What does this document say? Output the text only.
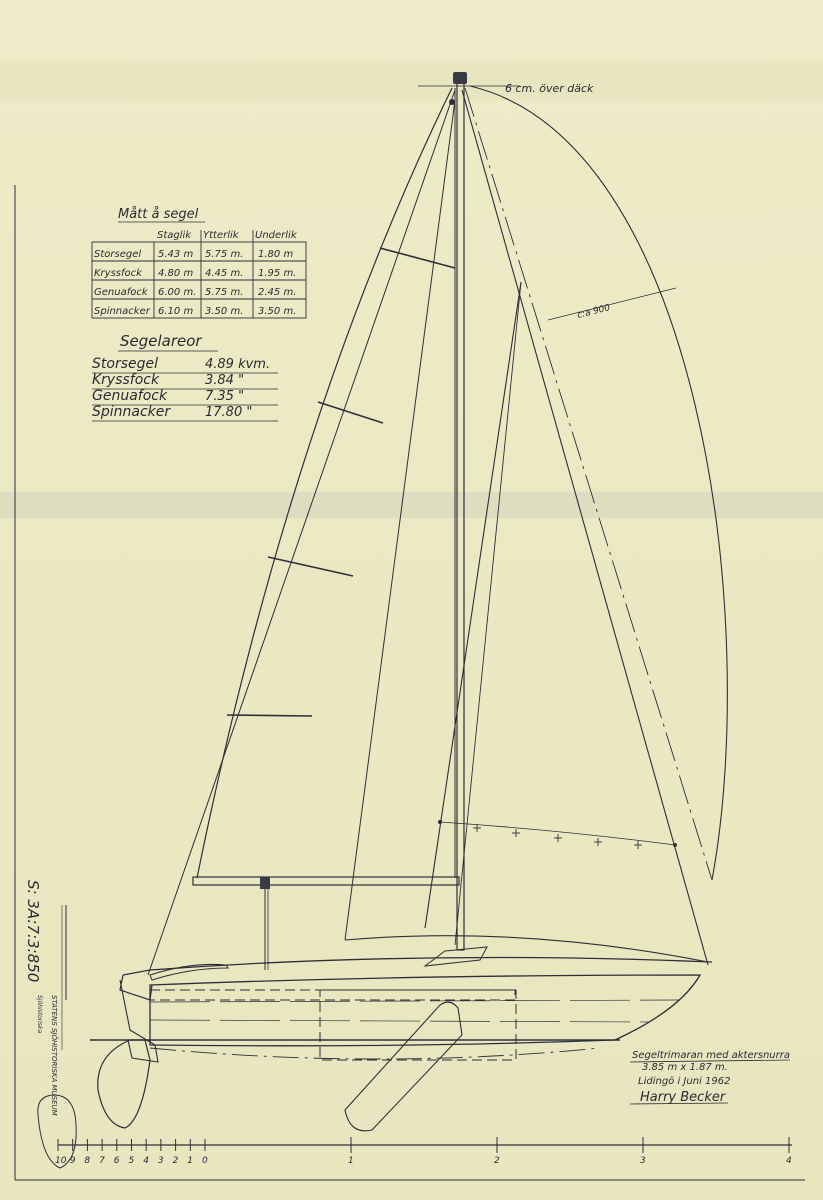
Mått å segel
Staglik Ytterlik Underlik
Storsegel 5.43 m 5.75 m. 1.80 m
Kryssfock 4.80 m 4.45 m. 1.95 m.
Genuafock 6.00 m. 5.75 m. 2.45 m.
Spinnacker 6.10 m 3.50 m. 3.50 m.
Segelareor
Storsegel	4.89 kvm.
Kryssfock	3.84 "
Genuafock	7.35 "
Spinnacker	17.80 "
6 cm. över däck
c:a 900
Segeltrimaran med aktersnurra
3.85 m x 1.87 m.
Lidingö i Juni 1962
Harry Becker
10 9 8 7 6 5 4 3 2 1 0	1	2	3	4
STATENS SJÖHISTORISKA MUSEUM
Sjöhistoriska
S: 3A:7:3:850
